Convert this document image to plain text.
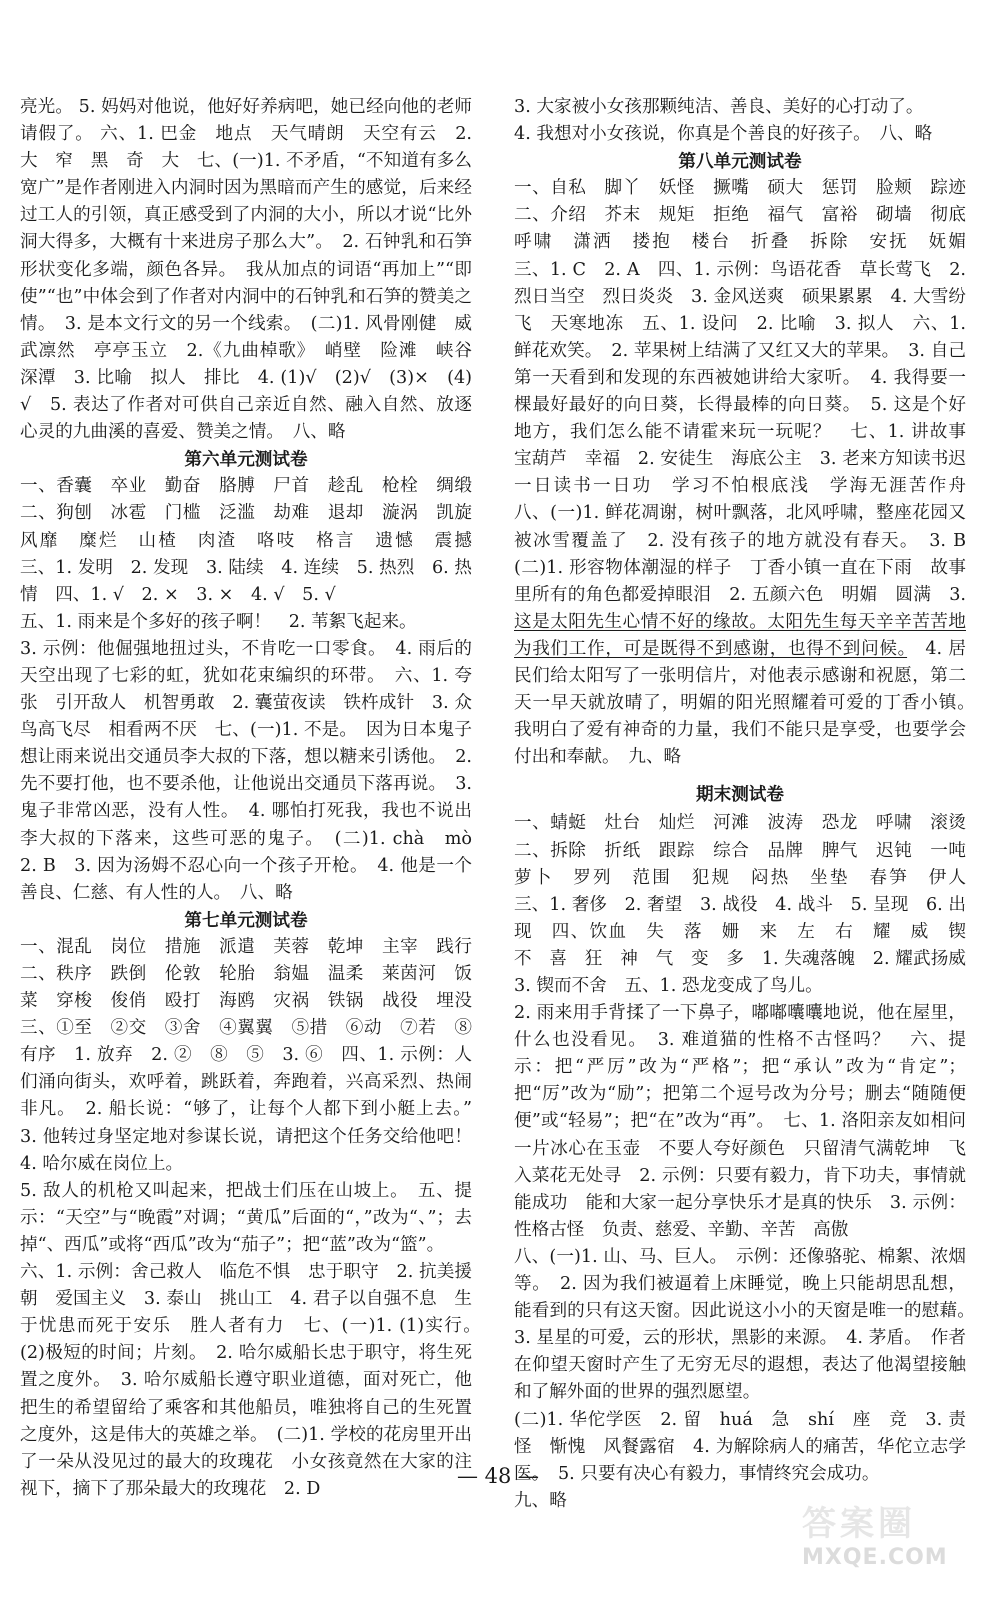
亮光。 5. 妈妈对他说，他好好养病吧，她已经向他的老师请假了。 六、1. 巴金　地点　天气晴朗　天空有云　2. 大　窄　黑　奇　大　七、(一)1. 不矛盾，“不知道有多么宽广”是作者刚进入内洞时因为黑暗而产生的感觉，后来经过工人的引领，真正感受到了内洞的大小，所以才说“比外洞大得多，大概有十来进房子那么大”。　2. 石钟乳和石笋形状变化多端，颜色各异。　我从加点的词语“再加上”“即使”“也”中体会到了作者对内洞中的石钟乳和石笋的赞美之情。　3. 是本文行文的另一个线索。　(二)1. 风骨刚健　威武凛然　亭亭玉立　2.《九曲棹歌》　峭壁　险滩　峡谷　深潭　3. 比喻　拟人　排比　4. (1)√　(2)√　(3)×　(4)√　5. 表达了作者对可供自己亲近自然、融入自然、放逐心灵的九曲溪的喜爱、赞美之情。　八、略

第六单元测试卷

一、香囊　卒业　勤奋　胳膊　尸首　趁乱　枪栓　绸缎　二、狗刨　冰雹　门槛　泛滥　劫难　退却　漩涡　凯旋　风靡　糜烂　山楂　肉渣　咯吱　格言　遗憾　震撼　三、1. 发明　2. 发现　3. 陆续　4. 连续　5. 热烈　6. 热情　四、1. √　2. ×　3. ×　4. √　5. √

五、1. 雨来是个多好的孩子啊！　2. 苇絮飞起来。

3. 示例：他倔强地扭过头，不肯吃一口零食。　4. 雨后的天空出现了七彩的虹，犹如花束编织的环带。　六、1. 夸张　引开敌人　机智勇敢　2. 囊萤夜读　铁杵成针　3. 众鸟高飞尽　相看两不厌　七、(一)1. 不是。　因为日本鬼子想让雨来说出交通员李大叔的下落，想以糖来引诱他。　2. 先不要打他，也不要杀他，让他说出交通员下落再说。　3. 鬼子非常凶恶，没有人性。　4. 哪怕打死我，我也不说出李大叔的下落来，这些可恶的鬼子。　(二)1. chà　mò　2. B　3. 因为汤姆不忍心向一个孩子开枪。　4. 他是一个善良、仁慈、有人性的人。　八、略

第七单元测试卷

一、混乱　岗位　措施　派遣　芙蓉　乾坤　主宰　践行　二、秩序　跌倒　伦敦　轮胎　翁媪　温柔　莱茵河　饭菜　穿梭　俊俏　殴打　海鸥　灾祸　铁锅　战役　埋没　三、①至　②交　③舍　④翼翼　⑤措　⑥动　⑦若　⑧有序　1. 放弃　2. ②　⑧　⑤　3. ⑥　四、1. 示例：人们涌向街头，欢呼着，跳跃着，奔跑着，兴高采烈、热闹非凡。　2. 船长说：“够了，让每个人都下到小艇上去。”　3. 他转过身坚定地对参谋长说，请把这个任务交给他吧！　4. 哈尔威在岗位上。

5. 敌人的机枪又叫起来，把战士们压在山坡上。　五、提示：“天空”与“晚霞”对调；“黄瓜”后面的“，”改为“、”；去掉“、西瓜”或将“西瓜”改为“茄子”；把“蓝”改为“篮”。

六、1. 示例：舍己救人　临危不惧　忠于职守　2. 抗美援朝　爱国主义　3. 泰山　挑山工　4. 君子以自强不息　生于忧患而死于安乐　胜人者有力　七、(一)1. (1)实行。　(2)极短的时间；片刻。　2. 哈尔威船长忠于职守，将生死置之度外。　3. 哈尔威船长遵守职业道德，面对死亡，他把生的希望留给了乘客和其他船员，唯独将自己的生死置之度外，这是伟大的英雄之举。　(二)1. 学校的花房里开出了一朵从没见过的最大的玫瑰花　小女孩竟然在大家的注视下，摘下了那朵最大的玫瑰花　2. D

3. 大家被小女孩那颗纯洁、善良、美好的心打动了。

4. 我想对小女孩说，你真是个善良的好孩子。　八、略

第八单元测试卷

一、自私　脚丫　妖怪　撅嘴　硕大　惩罚　脸颊　踪迹　二、介绍　芥末　规矩　拒绝　福气　富裕　砌墙　彻底　呼啸　潇洒　搂抱　楼台　折叠　拆除　安抚　妩媚　三、1. C　2. A　四、1. 示例：鸟语花香　草长莺飞　2. 烈日当空　烈日炎炎　3. 金风送爽　硕果累累　4. 大雪纷飞　天寒地冻　五、1. 设问　2. 比喻　3. 拟人　六、1. 鲜花欢笑。　2. 苹果树上结满了又红又大的苹果。　3. 自己第一天看到和发现的东西被她讲给大家听。　4. 我得要一棵最好最好的向日葵，长得最棒的向日葵。　5. 这是个好地方，我们怎么能不请霍来玩一玩呢？　七、1. 讲故事　宝葫芦　幸福　2. 安徒生　海底公主　3. 老来方知读书迟　一日读书一日功　学习不怕根底浅　学海无涯苦作舟　八、(一)1. 鲜花凋谢，树叶飘落，北风呼啸，整座花园又被冰雪覆盖了　2. 没有孩子的地方就没有春天。　3. B　(二)1. 形容物体潮湿的样子　丁香小镇一直在下雨　故事里所有的角色都爱掉眼泪　2. 五颜六色　明媚　圆满　3. 这是太阳先生心情不好的缘故。太阳先生每天辛辛苦苦地为我们工作，可是既得不到感谢，也得不到问候。　4. 居民们给太阳写了一张明信片，对他表示感谢和祝愿，第二天一早天就放晴了，明媚的阳光照耀着可爱的丁香小镇。　我明白了爱有神奇的力量，我们不能只是享受，也要学会付出和奉献。　九、略

期末测试卷

一、蜻蜓　灶台　灿烂　河滩　波涛　恐龙　呼啸　滚烫　二、拆除　折纸　跟踪　综合　品牌　脾气　迟钝　一吨　萝卜　罗列　范围　犯规　闷热　坐垫　春笋　伊人　三、1. 奢侈　2. 奢望　3. 战役　4. 战斗　5. 呈现　6. 出现　四、饮血　失　落　姗　来　左　右　耀　威　锲　不　喜　狂　神　气　变　多　1. 失魂落魄　2. 耀武扬威　3. 锲而不舍　五、1. 恐龙变成了鸟儿。

2. 雨来用手背揉了一下鼻子，嘟嘟囔囔地说，他在屋里，什么也没看见。　3. 难道猫的性格不古怪吗？　六、提示：把“严厉”改为“严格”；把“承认”改为“肯定”；把“厉”改为“励”；把第二个逗号改为分号；删去“随随便便”或“轻易”；把“在”改为“再”。　七、1. 洛阳亲友如相问　一片冰心在玉壶　不要人夸好颜色　只留清气满乾坤　飞入菜花无处寻　2. 示例：只要有毅力，肯下功夫，事情就能成功　能和大家一起分享快乐才是真的快乐　3. 示例：性格古怪　负责、慈爱、辛勤、辛苦　高傲

八、(一)1. 山、马、巨人。　示例：还像骆驼、棉絮、浓烟等。　2. 因为我们被逼着上床睡觉，晚上只能胡思乱想，能看到的只有这天窗。因此说这小小的天窗是唯一的慰藉。　3. 星星的可爱，云的形状，黑影的来源。　4. 茅盾。　作者在仰望天窗时产生了无穷无尽的遐想，表达了他渴望接触和了解外面的世界的强烈愿望。

(二)1. 华佗学医　2. 留　huá　急　shí　座　竞　3. 责怪　惭愧　风餐露宿　4. 为解除病人的痛苦，华佗立志学医。　5. 只要有决心有毅力，事情终究会成功。

九、略

— 48 —
答案圈
MXQE.COM
